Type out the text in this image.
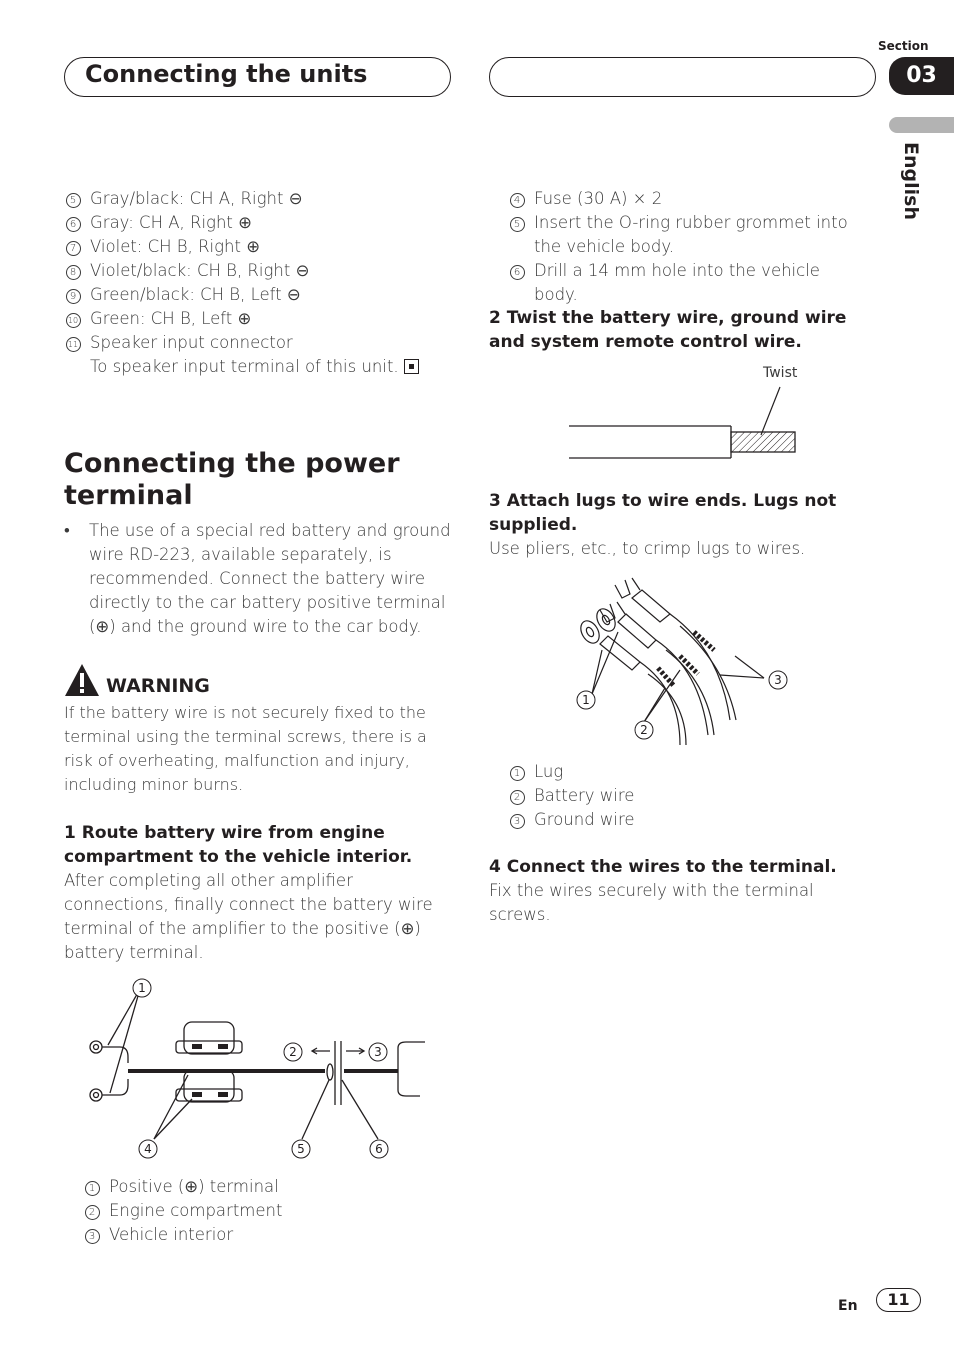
Connecting the units
Section
03
English
5 Gray/black: CH A, Right ⊖
6 Gray: CH A, Right ⊕
7 Violet: CH B, Right ⊕
8 Violet/black: CH B, Right ⊖
9 Green/black: CH B, Left ⊖
10 Green: CH B, Left ⊕
11 Speaker input connector
To speaker input terminal of this unit.
Connecting the power
terminal
•	The use of a special red battery and ground wire RD-223, available separately, is recommended. Connect the battery wire directly to the car battery positive terminal (⊕) and the ground wire to the car body.
WARNING
If the battery wire is not securely fixed to the terminal using the terminal screws, there is a risk of overheating, malfunction and injury, including minor burns.
1 Route battery wire from engine compartment to the vehicle interior.
After completing all other amplifier connections, finally connect the battery wire terminal of the amplifier to the positive (⊕) battery terminal.
1
2	3
4	5	6
1 Positive (⊕) terminal
2 Engine compartment
3 Vehicle interior
4 Fuse (30 A) × 2
5 Insert the O-ring rubber grommet into the vehicle body.
6 Drill a 14 mm hole into the vehicle body.
2 Twist the battery wire, ground wire and system remote control wire.
Twist
3 Attach lugs to wire ends. Lugs not supplied.
Use pliers, etc., to crimp lugs to wires.
1
2
3
1 Lug
2 Battery wire
3 Ground wire
4 Connect the wires to the terminal.
Fix the wires securely with the terminal screws.
En	11
